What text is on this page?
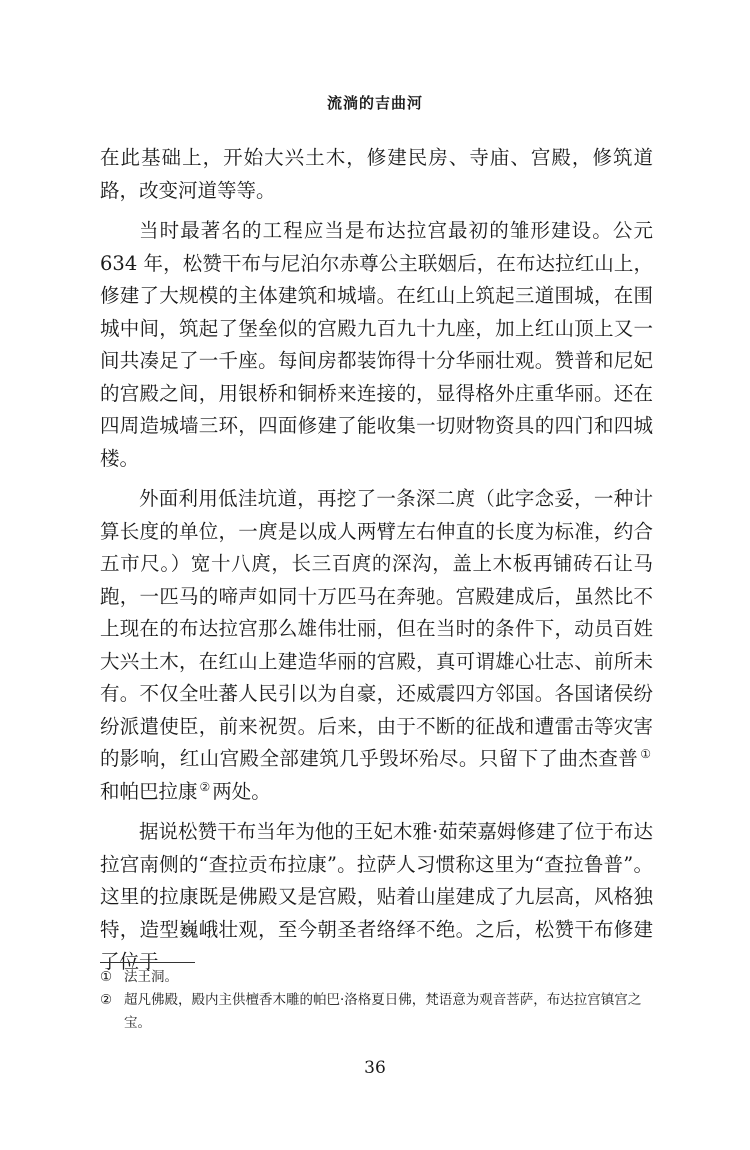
流淌的吉曲河

在此基础上，开始大兴土木，修建民房、寺庙、宫殿，修筑道路，改变河道等等。

当时最著名的工程应当是布达拉宫最初的雏形建设。公元 634 年，松赞干布与尼泊尔赤尊公主联姻后，在布达拉红山上，修建了大规模的主体建筑和城墙。在红山上筑起三道围城，在围城中间，筑起了堡垒似的宫殿九百九十九座，加上红山顶上又一间共凑足了一千座。每间房都装饰得十分华丽壮观。赞普和尼妃的宫殿之间，用银桥和铜桥来连接的，显得格外庄重华丽。还在四周造城墙三环，四面修建了能收集一切财物资具的四门和四城楼。

外面利用低洼坑道，再挖了一条深二庹（此字念妥，一种计算长度的单位，一庹是以成人两臂左右伸直的长度为标准，约合五市尺。）宽十八庹，长三百庹的深沟，盖上木板再铺砖石让马跑，一匹马的啼声如同十万匹马在奔驰。宫殿建成后，虽然比不上现在的布达拉宫那么雄伟壮丽，但在当时的条件下，动员百姓大兴土木，在红山上建造华丽的宫殿，真可谓雄心壮志、前所未有。不仅全吐蕃人民引以为自豪，还威震四方邻国。各国诸侯纷纷派遣使臣，前来祝贺。后来，由于不断的征战和遭雷击等灾害的影响，红山宫殿全部建筑几乎毁坏殆尽。只留下了曲杰查普 ①和帕巴拉康 ② 两处。

据说松赞干布当年为他的王妃木雅·茹荣嘉姆修建了位于布达拉宫南侧的“查拉贡布拉康”。拉萨人习惯称这里为“查拉鲁普”。这里的拉康既是佛殿又是宫殿，贴着山崖建成了九层高，风格独特，造型巍峨壮观，至今朝圣者络绎不绝。之后，松赞干布修建了位于

① 法王洞。
② 超凡佛殿，殿内主供檀香木雕的帕巴·洛格夏日佛，梵语意为观音菩萨，布达拉宫镇宫之宝。
36
